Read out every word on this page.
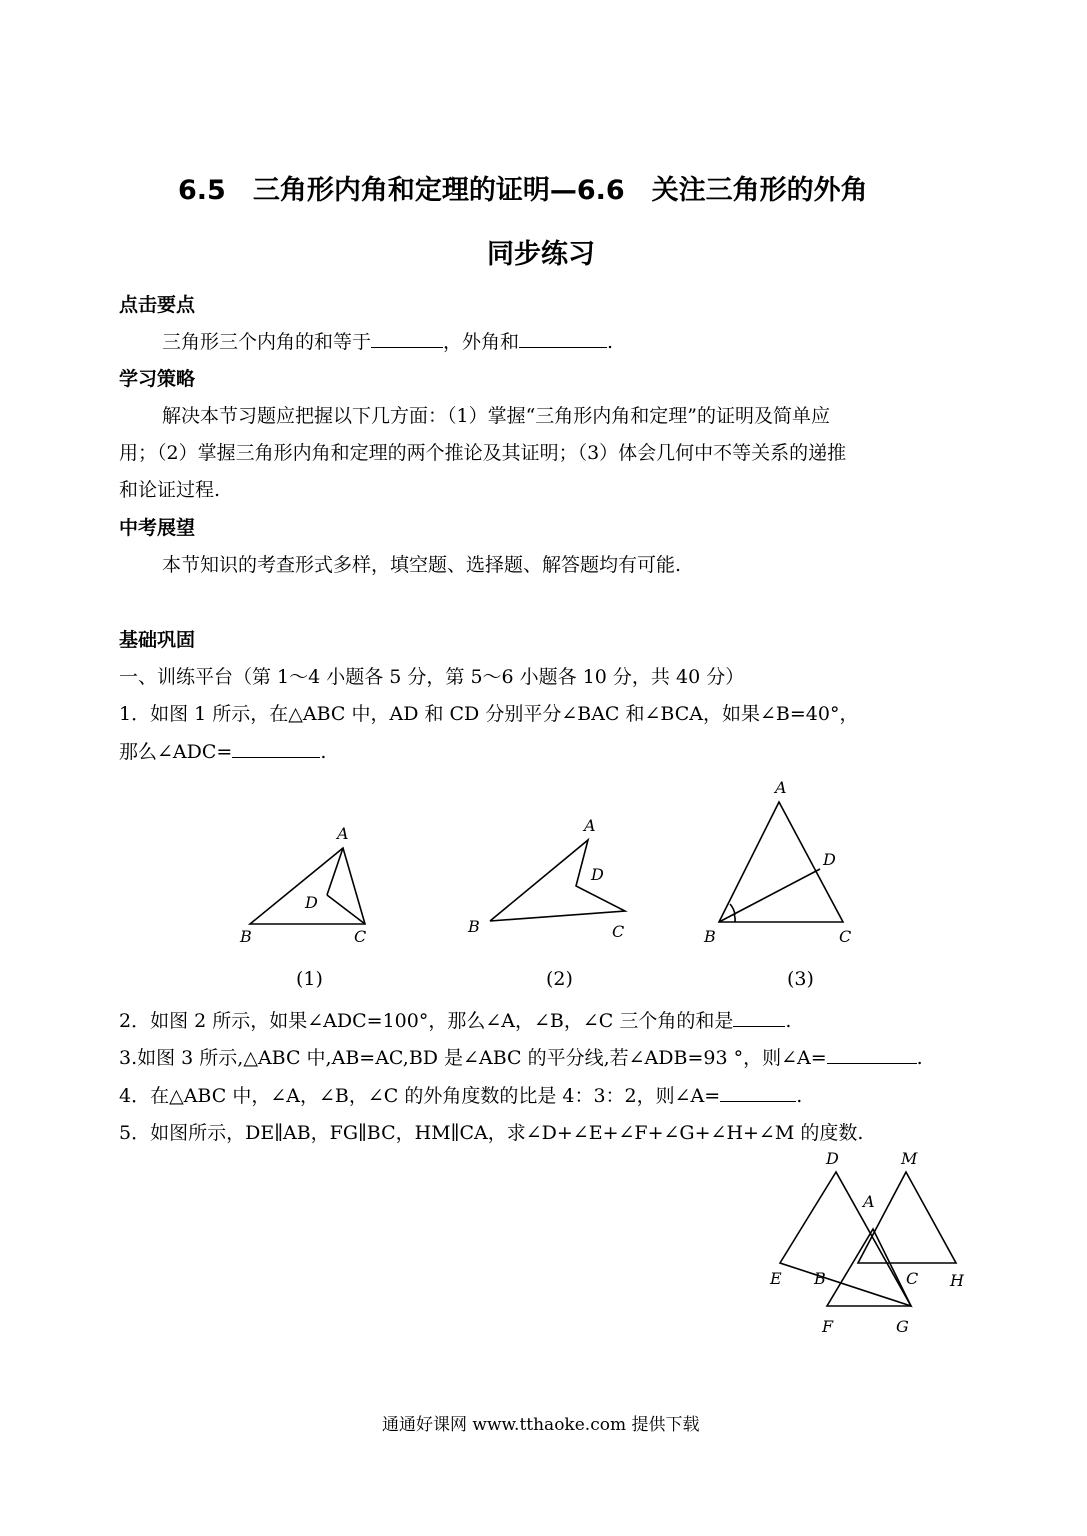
6.5　三角形内角和定理的证明—6.6　关注三角形的外角
同步练习
点击要点
三角形三个内角的和等于	，外角和	.
学习策略
解决本节习题应把握以下几方面：（1）掌握“三角形内角和定理”的证明及简单应
用；（2）掌握三角形内角和定理的两个推论及其证明；（3）体会几何中不等关系的递推
和论证过程.
中考展望
本节知识的考查形式多样，填空题、选择题、解答题均有可能.
基础巩固
一、训练平台（第 1～4 小题各 5 分，第 5～6 小题各 10 分，共 40 分）
1．如图 1 所示，在△ABC 中，AD 和 CD 分别平分∠BAC 和∠BCA，如果∠B=40°，
那么∠ADC=	.
A
B	C
D
(1)
A
B	C
D
(2)
A
B	C
D
(3)
2．如图 2 所示，如果∠ADC=100°，那么∠A，∠B，∠C 三个角的和是	.
3.如图 3 所示,△ABC 中,AB=AC,BD 是∠ABC 的平分线,若∠ADB=93 °，则∠A=	.
4．在△ABC 中，∠A，∠B，∠C 的外角度数的比是 4：3：2，则∠A=	.
5．如图所示，DE∥AB，FG∥BC，HM∥CA，求∠D+∠E+∠F+∠G+∠H+∠M 的度数.
D	M
A
E B	C H
F	G
通通好课网 www.tthaoke.com 提供下载
